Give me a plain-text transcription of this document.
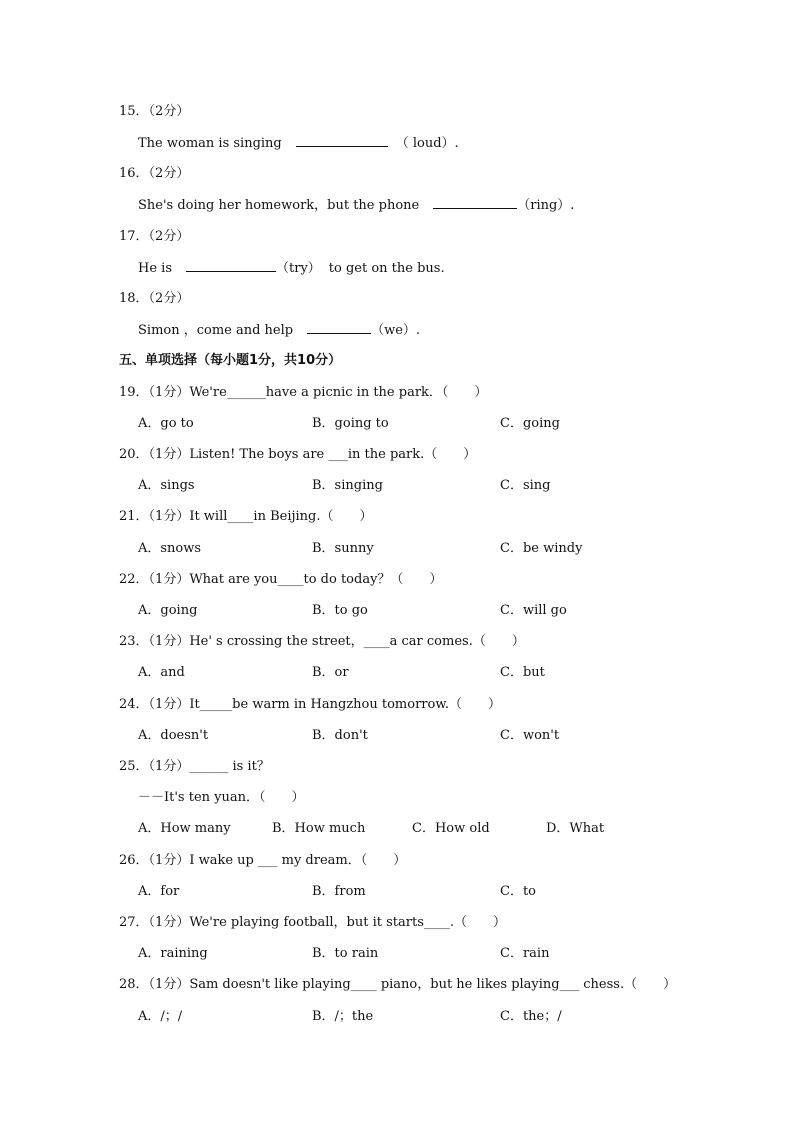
15．（2分）
The woman is singing	（ loud）.
16．（2分）
She's doing her homework，but the phone	（ring）.
17．（2分）
He is	（try） to get on the bus.
18．（2分）
Simon ，come and help	（we）.
五、单项选择（每小题1分，共10分）
19．（1分）We're______have a picnic in the park．（　　）
A．go to	B．going to	C．going
20．（1分）Listen! The boys are ___in the park.（　　）
A．sings	B．singing	C．sing
21．（1分）It will____in Beijing.（　　）
A．snows	B．sunny	C．be windy
22．（1分）What are you____to do today？（　　）
A．going	B．to go	C．will go
23．（1分）He' s crossing the street，____a car comes.（　　）
A．and	B．or	C．but
24．（1分）It_____be warm in Hangzhou tomorrow.（　　）
A．doesn't	B．don't	C．won't
25．（1分）______ is it？
－－It's ten yuan．（　　）
A．How many	B．How much	C．How old	D．What
26．（1分）I wake up ___ my dream．（　　）
A．for	B．from	C．to
27．（1分）We're playing football，but it starts____.（　　）
A．raining	B．to rain	C．rain
28．（1分）Sam doesn't like playing____ piano，but he likes playing___ chess.（　　）
A．/；/	B．/；the	C．the；/
